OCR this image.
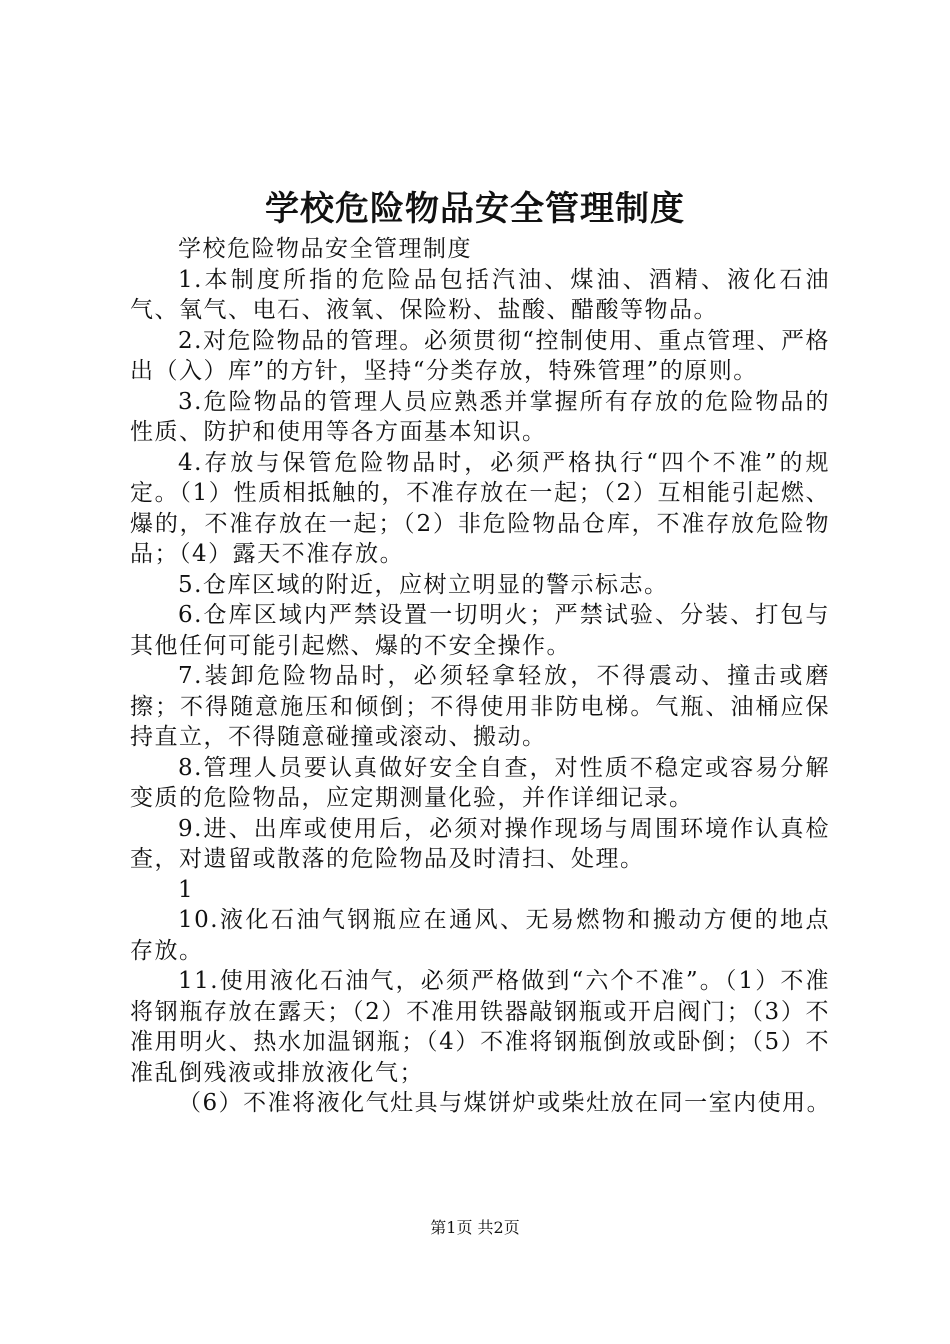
学校危险物品安全管理制度

学校危险物品安全管理制度

1.本制度所指的危险品包括汽油、煤油、酒精、液化石油气、氧气、电石、液氧、保险粉、盐酸、醋酸等物品。

2.对危险物品的管理。必须贯彻“控制使用、重点管理、严格出（入）库”的方针，坚持“分类存放，特殊管理”的原则。

3.危险物品的管理人员应熟悉并掌握所有存放的危险物品的性质、防护和使用等各方面基本知识。

4.存放与保管危险物品时，必须严格执行“四个不准”的规定。（1）性质相抵触的，不准存放在一起；（2）互相能引起燃、爆的，不准存放在一起；（2）非危险物品仓库，不准存放危险物品；（4）露天不准存放。

5.仓库区域的附近，应树立明显的警示标志。

6.仓库区域内严禁设置一切明火；严禁试验、分装、打包与其他任何可能引起燃、爆的不安全操作。

7.装卸危险物品时，必须轻拿轻放，不得震动、撞击或磨擦；不得随意施压和倾倒；不得使用非防电梯。气瓶、油桶应保持直立，不得随意碰撞或滚动、搬动。

8.管理人员要认真做好安全自查，对性质不稳定或容易分解变质的危险物品，应定期测量化验，并作详细记录。

9.进、出库或使用后，必须对操作现场与周围环境作认真检查，对遗留或散落的危险物品及时清扫、处理。

1

10.液化石油气钢瓶应在通风、无易燃物和搬动方便的地点存放。

11.使用液化石油气，必须严格做到“六个不准”。（1）不准将钢瓶存放在露天；（2）不准用铁器敲钢瓶或开启阀门；（3）不准用明火、热水加温钢瓶；（4）不准将钢瓶倒放或卧倒；（5）不准乱倒残液或排放液化气；

（6）不准将液化气灶具与煤饼炉或柴灶放在同一室内使用。

第1页 共2页
